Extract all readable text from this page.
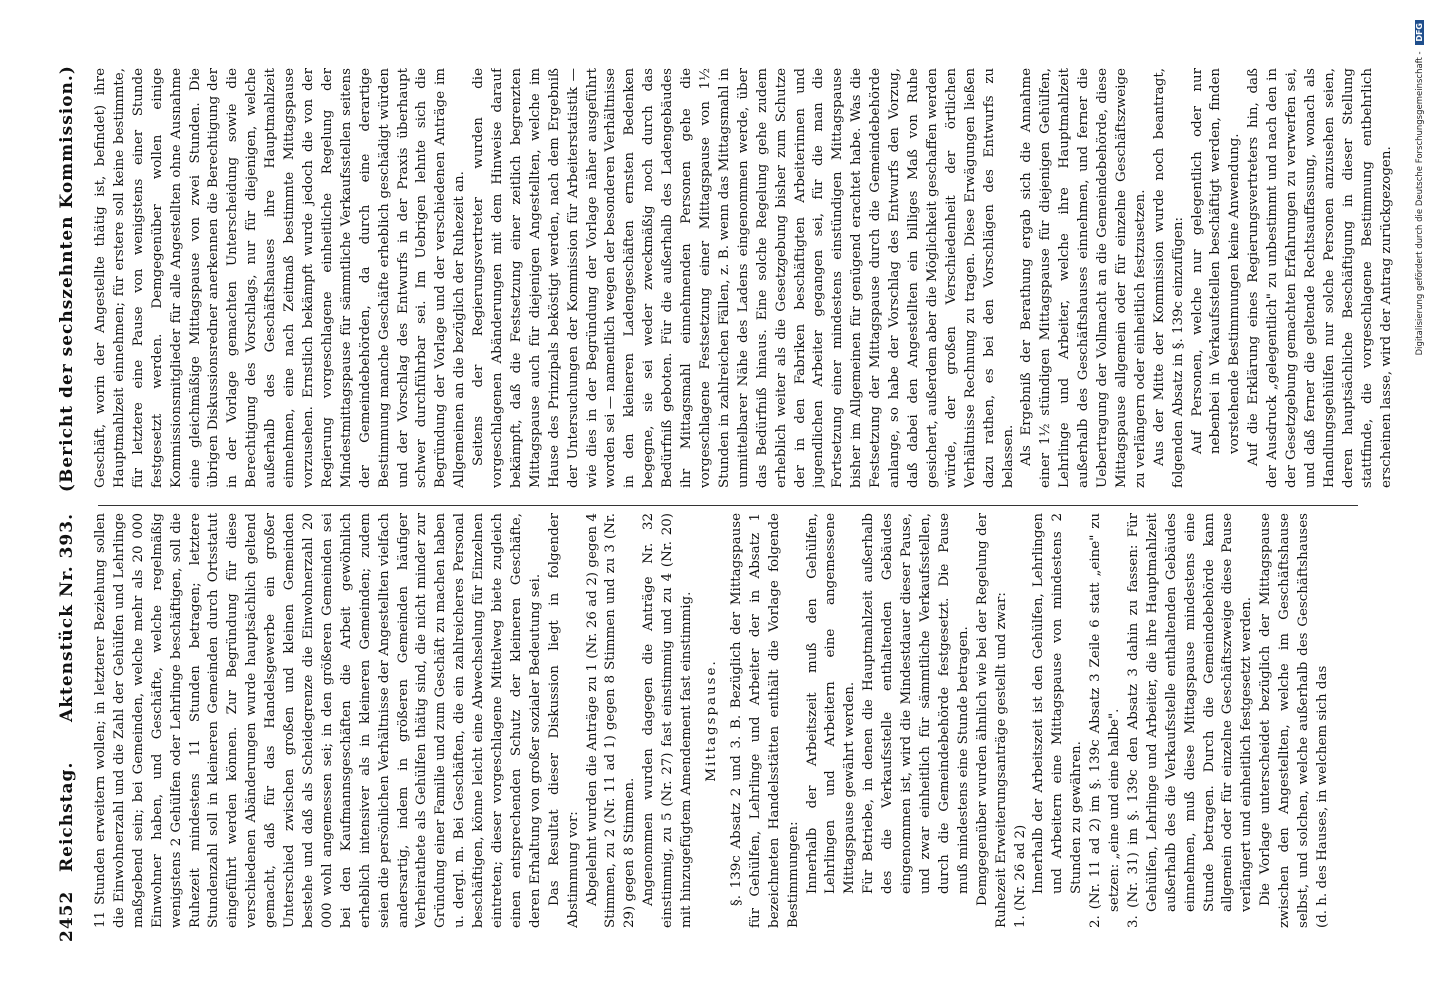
2452
Reichstag.
Aktenstück Nr. 393. (Bericht der sechszehnten Kommission.)

11 Stunden erweitern wollen; in letzterer Beziehung sollen die Einwohnerzahl und die Zahl der Gehülfen und Lehrlinge maßgebend sein; bei Gemeinden, welche mehr als 20 000 Einwohner haben, und Geschäfte, welche regelmäßig wenigstens 2 Gehülfen oder Lehrlinge beschäftigen, soll die Ruhezeit mindestens 11 Stunden betragen; letztere Stundenzahl soll in kleineren Gemeinden durch Ortsstatut eingeführt werden können. Zur Begründung für diese verschiedenen Abänderungen wurde hauptsächlich geltend gemacht, daß für das Handelsgewerbe ein großer Unterschied zwischen großen und kleinen Gemeinden bestehe und daß als Scheidegrenze die Einwohnerzahl 20 000 wohl angemessen sei; in den größeren Gemeinden sei bei den Kaufmannsgeschäften die Arbeit gewöhnlich erheblich intensiver als in kleineren Gemeinden; zudem seien die persönlichen Verhältnisse der Angestellten vielfach andersartig, indem in größeren Gemeinden häufiger Verheirathete als Gehülfen thätig sind, die nicht minder zur Gründung einer Familie und zum Geschäft zu machen haben u. dergl. m. Bei Geschäften, die ein zahlreicheres Personal beschäftigen, könne leicht eine Abwechselung für Einzelnen eintreten; dieser vorgeschlagene Mittelweg biete zugleich einen entsprechenden Schutz der kleineren Geschäfte, deren Erhaltung von großer sozialer Bedeutung sei. Das Resultat dieser Diskussion liegt in folgender Abstimmung vor: Abgelehnt wurden die Anträge zu 1 (Nr. 26 ad 2) gegen 4 Stimmen, zu 2 (Nr. 11 ad 1) gegen 8 Stimmen und zu 3 (Nr. 29) gegen 8 Stimmen. Angenommen wurden dagegen die Anträge Nr. 32 einstimmig, zu 5 (Nr. 27) fast einstimmig und zu 4 (Nr. 20) mit hinzugefügtem Amendement fast einstimmig. Mittagspause. §. 139c Absatz 2 und 3. B. Bezüglich der Mittagspause für Gehülfen, Lehrlinge und Arbeiter der in Absatz 1 bezeichneten Handelsstätten enthält die Vorlage folgende Bestimmungen: Innerhalb der Arbeitszeit muß den Gehülfen, Lehrlingen und Arbeitern eine angemessene Mittagspause gewährt werden. Für Betriebe, in denen die Hauptmahlzeit außerhalb des die Verkaufsstelle enthaltenden Gebäudes eingenommen ist, wird die Mindestdauer dieser Pause, und zwar einheitlich für sämmtliche Verkaufsstellen, durch die Gemeindebehörde festgesetzt. Die Pause muß mindestens eine Stunde betragen. Demgegenüber wurden ähnlich wie bei der Regelung der Ruhezeit Erweiterungsanträge gestellt und zwar: 1. (Nr. 26 ad 2) Innerhalb der Arbeitszeit ist den Gehülfen, Lehrlingen und Arbeitern eine Mittagspause von mindestens 2 Stunden zu gewähren. 2. (Nr. 11 ad 2) im §. 139c Absatz 3 Zeile 6 statt „eine" zu setzen: „eine und eine halbe". 3. (Nr. 31) im §. 139c den Absatz 3 dahin zu fassen: Für Gehülfen, Lehrlinge und Arbeiter, die ihre Hauptmahlzeit außerhalb des die Verkaufsstelle enthaltenden Gebäudes einnehmen, muß diese Mittagspause mindestens eine Stunde betragen. Durch die Gemeindebehörde kann allgemein oder für einzelne Geschäftszweige diese Pause verlängert und einheitlich festgesetzt werden. Die Vorlage unterscheidet bezüglich der Mittagspause zwischen den Angestellten, welche im Geschäftshause selbst, und solchen, welche außerhalb des Geschäftshauses (d. h. des Hauses, in welchem sich das

Geschäft, worin der Angestellte thätig ist, befindet) ihre Hauptmahlzeit einnehmen; für erstere soll keine bestimmte, für letztere eine Pause von wenigstens einer Stunde festgesetzt werden. Demgegenüber wollen einige Kommissionsmitglieder für alle Angestellten ohne Ausnahme eine gleichmäßige Mittagspause von zwei Stunden. Die übrigen Diskussionsredner anerkennen die Berechtigung der in der Vorlage gemachten Unterscheidung sowie die Berechtigung des Vorschlags, nur für diejenigen, welche außerhalb des Geschäftshauses ihre Hauptmahlzeit einnehmen, eine nach Zeitmaß bestimmte Mittagspause vorzusehen. Ernstlich bekämpft wurde jedoch die von der Regierung vorgeschlagene einheitliche Regelung der Mindestmittagspause für sämmtliche Verkaufsstellen seitens der Gemeindebehörden, da durch eine derartige Bestimmung manche Geschäfte erheblich geschädigt würden und der Vorschlag des Entwurfs in der Praxis überhaupt schwer durchführbar sei. Im Uebrigen lehnte sich die Begründung der Vorlage und der verschiedenen Anträge im Allgemeinen an die bezüglich der Ruhezeit an. Seitens der Regierungsvertreter wurden die vorgeschlagenen Abänderungen mit dem Hinweise darauf bekämpft, daß die Festsetzung einer zeitlich begrenzten Mittagspause auch für diejenigen Angestellten, welche im Hause des Prinzipals beköstigt werden, nach dem Ergebniß der Untersuchungen der Kommission für Arbeiterstatistik — wie dies in der Begründung der Vorlage näher ausgeführt worden sei — namentlich wegen der besonderen Verhältnisse in den kleineren Ladengeschäften ernsten Bedenken begegne, sie sei weder zweckmäßig noch durch das Bedürfniß geboten. Für die außerhalb des Ladengebäudes ihr Mittagsmahl einnehmenden Personen gehe die vorgeschlagene Festsetzung einer Mittagspause von 1½ Stunden in zahlreichen Fällen, z. B. wenn das Mittagsmahl in unmittelbarer Nähe des Ladens eingenommen werde, über das Bedürfniß hinaus. Eine solche Regelung gehe zudem erheblich weiter als die Gesetzgebung bisher zum Schutze der in den Fabriken beschäftigten Arbeiterinnen und jugendlichen Arbeiter gegangen sei, für die man die Fortsetzung einer mindestens einstündigen Mittagspause bisher im Allgemeinen für genügend erachtet habe. Was die Festsetzung der Mittagspause durch die Gemeindebehörde anlange, so habe der Vorschlag des Entwurfs den Vorzug, daß dabei den Angestellten ein billiges Maß von Ruhe gesichert, außerdem aber die Möglichkeit geschaffen werden würde, der großen Verschiedenheit der örtlichen Verhältnisse Rechnung zu tragen. Diese Erwägungen ließen dazu rathen, es bei den Vorschlägen des Entwurfs zu belassen. Als Ergebniß der Berathung ergab sich die Annahme einer 1½ stündigen Mittagspause für diejenigen Gehülfen, Lehrlinge und Arbeiter, welche ihre Hauptmahlzeit außerhalb des Geschäftshauses einnehmen, und ferner die Uebertragung der Vollmacht an die Gemeindebehörde, diese Mittagspause allgemein oder für einzelne Geschäftszweige zu verlängern oder einheitlich festzusetzen. Aus der Mitte der Kommission wurde noch beantragt, folgenden Absatz in §. 139c einzufügen: Auf Personen, welche nur gelegentlich oder nur nebenbei in Verkaufsstellen beschäftigt werden, finden vorstehende Bestimmungen keine Anwendung. Auf die Erklärung eines Regierungsvertreters hin, daß der Ausdruck „gelegentlich" zu unbestimmt und nach den in der Gesetzgebung gemachten Erfahrungen zu verwerfen sei, und daß ferner die geltende Rechtsauffassung, wonach als Handlungsgehülfen nur solche Personen anzusehen seien, deren hauptsächliche Beschäftigung in dieser Stellung stattfinde, die vorgeschlagene Bestimmung entbehrlich erscheinen lasse, wird der Antrag zurückgezogen.	Digitalisierung gefördert durch die Deutsche Forschungsgemeinschaft - DFG
